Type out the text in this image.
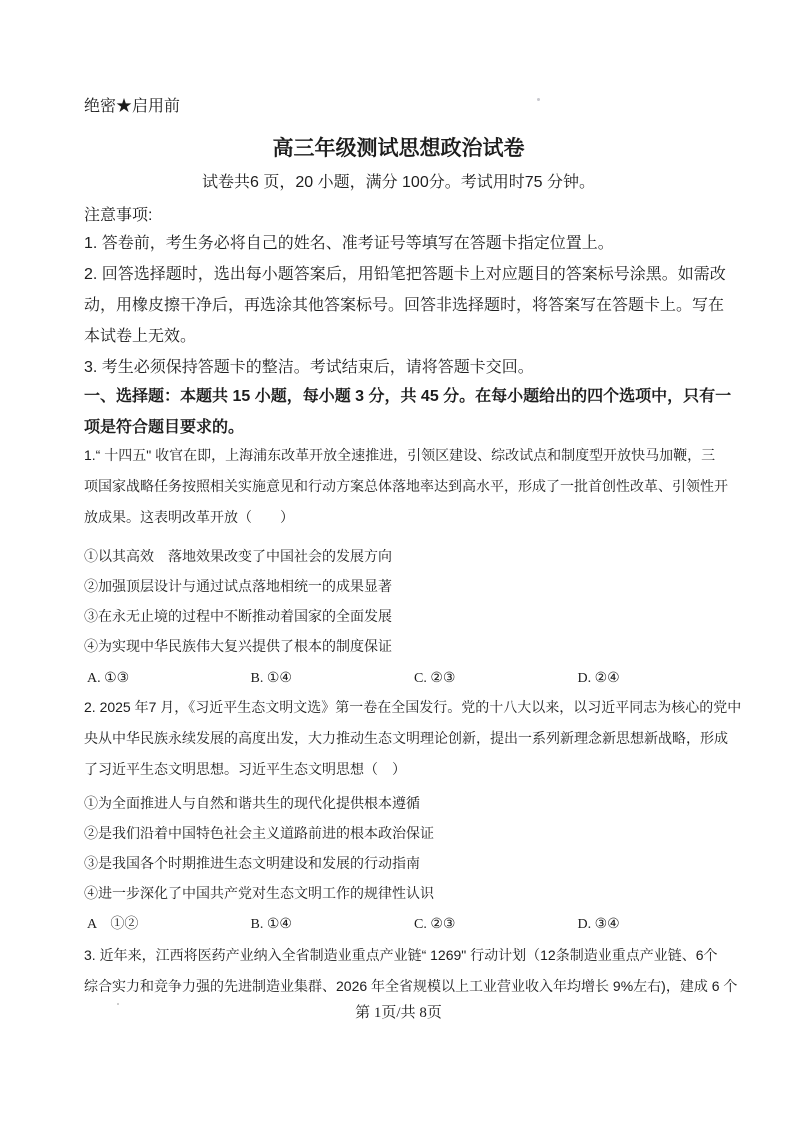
绝密★启用前
高三年级测试思想政治试卷
试卷共6 页，20 小题，满分 100分。考试用时75 分钟。
注意事项:
1. 答卷前，考生务必将自己的姓名、准考证号等填写在答题卡指定位置上。
2. 回答选择题时，选出每小题答案后，用铅笔把答题卡上对应题目的答案标号涂黑。如需改
动，用橡皮擦干净后，再选涂其他答案标号。回答非选择题时，将答案写在答题卡上。写在
本试卷上无效。
3. 考生必须保持答题卡的整洁。考试结束后，请将答题卡交回。
一、选择题：本题共 15 小题，每小题 3 分，共 45 分。在每小题给出的四个选项中，只有一
项是符合题目要求的。
1.“ 十四五" 收官在即，上海浦东改革开放全速推进，引领区建设、综改试点和制度型开放快马加鞭，三
项国家战略任务按照相关实施意见和行动方案总体落地率达到高水平，形成了一批首创性改革、引领性开
放成果。这表明改革开放（　　）
①以其高效　落地效果改变了中国社会的发展方向
②加强顶层设计与通过试点落地相统一的成果显著
③在永无止境的过程中不断推动着国家的全面发展
④为实现中华民族伟大复兴提供了根本的制度保证
A. ①③	B. ①④	C. ②③	D. ②④
2. 2025 年7 月，《习近平生态文明文选》第一卷在全国发行。党的十八大以来，以习近平同志为核心的党中
央从中华民族永续发展的高度出发，大力推动生态文明理论创新，提出一系列新理念新思想新战略，形成
了习近平生态文明思想。习近平生态文明思想（　）
①为全面推进人与自然和谐共生的现代化提供根本遵循
②是我们沿着中国特色社会主义道路前进的根本政治保证
③是我国各个时期推进生态文明建设和发展的行动指南
④进一步深化了中国共产党对生态文明工作的规律性认识
A　①②	B. ①④	C. ②③	D. ③④
3. 近年来，江西将医药产业纳入全省制造业重点产业链“ 1269" 行动计划（12条制造业重点产业链、6个
综合实力和竞争力强的先进制造业集群、2026 年全省规模以上工业营业收入年均增长 9%左右)，建成 6 个
第 1页/共 8页
